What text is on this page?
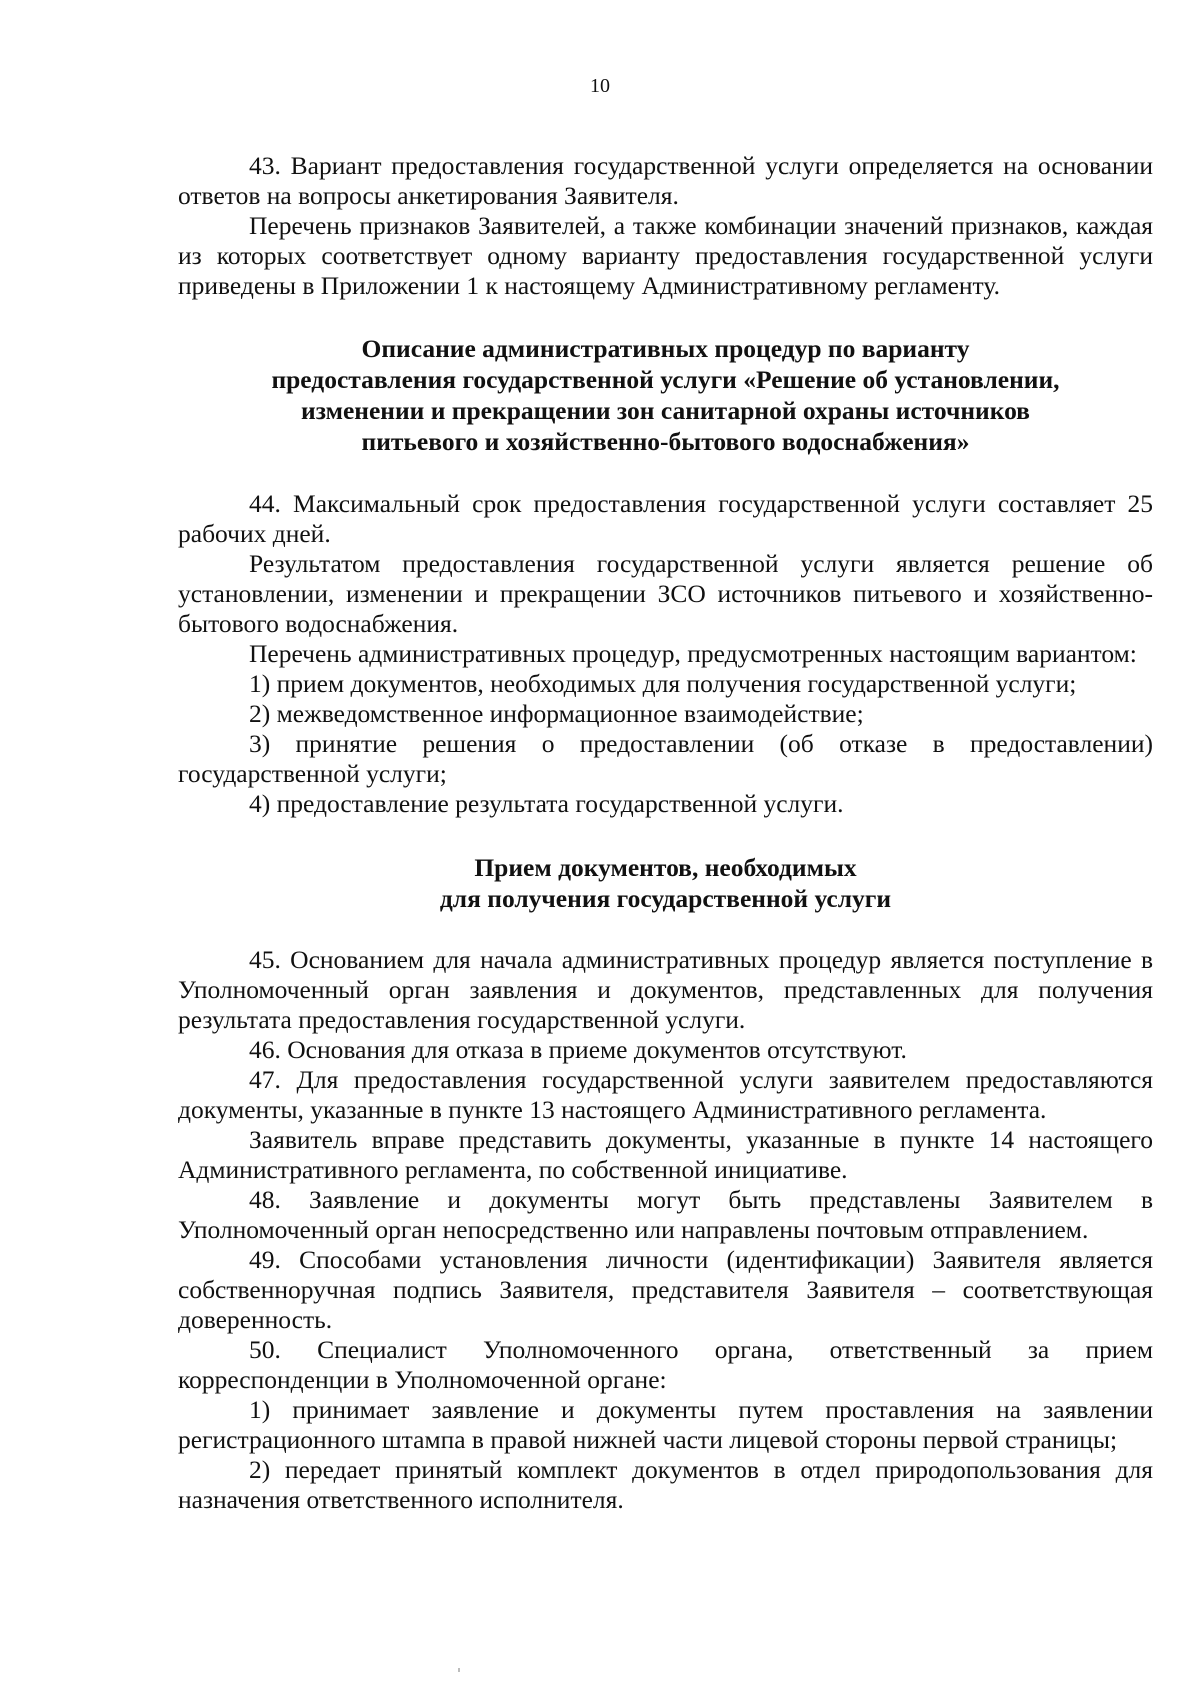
10

43. Вариант предоставления государственной услуги определяется на основании ответов на вопросы анкетирования Заявителя.

Перечень признаков Заявителей, а также комбинации значений признаков, каждая из которых соответствует одному варианту предоставления государственной услуги приведены в Приложении 1 к настоящему Административному регламенту.

Описание административных процедур по варианту
предоставления государственной услуги «Решение об установлении,
изменении и прекращении зон санитарной охраны источников
питьевого и хозяйственно-бытового водоснабжения»

44. Максимальный срок предоставления государственной услуги составляет 25 рабочих дней.

Результатом предоставления государственной услуги является решение об установлении, изменении и прекращении ЗСО источников питьевого и хозяйственно-бытового водоснабжения.

Перечень административных процедур, предусмотренных настоящим вариантом:

1) прием документов, необходимых для получения государственной услуги;

2) межведомственное информационное взаимодействие;

3) принятие решения о предоставлении (об отказе в предоставлении) государственной услуги;

4) предоставление результата государственной услуги.

Прием документов, необходимых
для получения государственной услуги

45. Основанием для начала административных процедур является поступление в Уполномоченный орган заявления и документов, представленных для получения результата предоставления государственной услуги.

46. Основания для отказа в приеме документов отсутствуют.

47. Для предоставления государственной услуги заявителем предоставляются документы, указанные в пункте 13 настоящего Административного регламента.

Заявитель вправе представить документы, указанные в пункте 14 настоящего Административного регламента, по собственной инициативе.

48. Заявление и документы могут быть представлены Заявителем в Уполномоченный орган непосредственно или направлены почтовым отправлением.

49. Способами установления личности (идентификации) Заявителя является собственноручная подпись Заявителя, представителя Заявителя – соответствующая доверенность.

50. Специалист Уполномоченного органа, ответственный за прием корреспонденции в Уполномоченной органе:

1) принимает заявление и документы путем проставления на заявлении регистрационного штампа в правой нижней части лицевой стороны первой страницы;

2) передает принятый комплект документов в отдел природопользования для назначения ответственного исполнителя.
